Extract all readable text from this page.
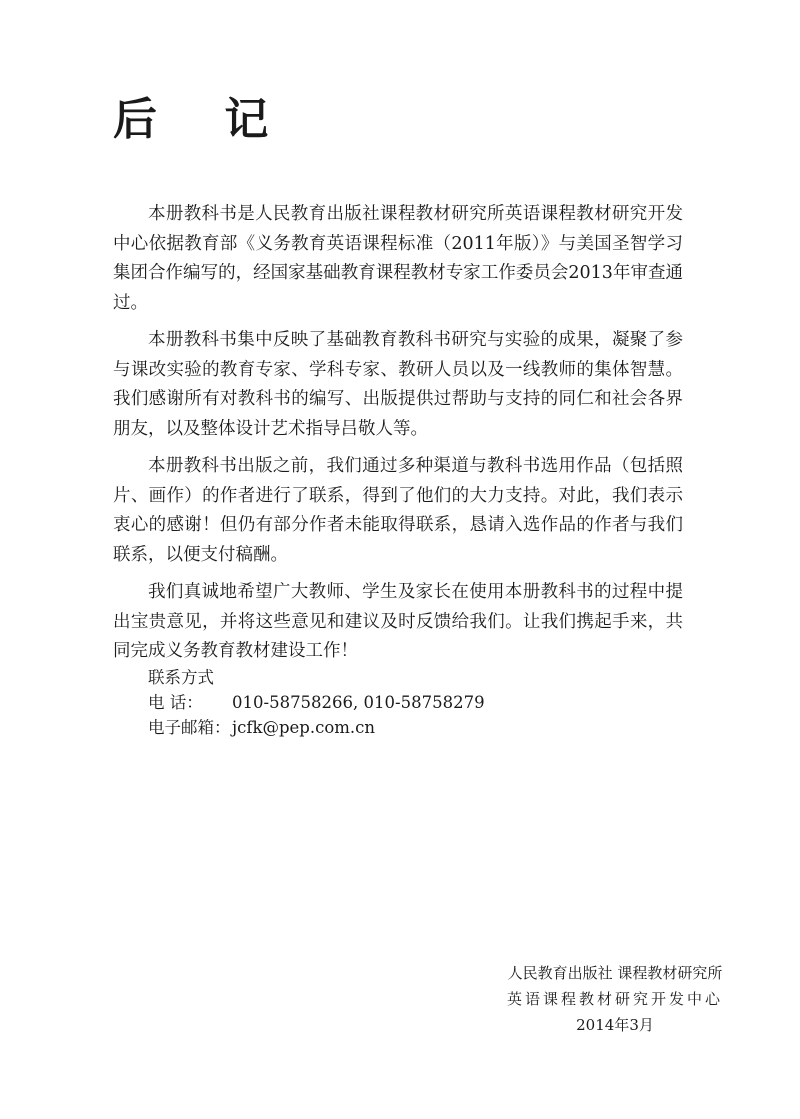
后 记

本册教科书是人民教育出版社课程教材研究所英语课程教材研究开发中心依据教育部《义务教育英语课程标准（2011年版）》与美国圣智学习集团合作编写的，经国家基础教育课程教材专家工作委员会2013年审查通过。

本册教科书集中反映了基础教育教科书研究与实验的成果，凝聚了参与课改实验的教育专家、学科专家、教研人员以及一线教师的集体智慧。我们感谢所有对教科书的编写、出版提供过帮助与支持的同仁和社会各界朋友，以及整体设计艺术指导吕敬人等。

本册教科书出版之前，我们通过多种渠道与教科书选用作品（包括照片、画作）的作者进行了联系，得到了他们的大力支持。对此，我们表示衷心的感谢！但仍有部分作者未能取得联系，恳请入选作品的作者与我们联系，以便支付稿酬。

我们真诚地希望广大教师、学生及家长在使用本册教科书的过程中提出宝贵意见，并将这些意见和建议及时反馈给我们。让我们携起手来，共同完成义务教育教材建设工作！

联系方式
电 话： 010-58758266, 010-58758279
电子邮箱：jcfk@pep.com.cn
人民教育出版社 课程教材研究所
英语课程教材研究开发中心
2014年3月
